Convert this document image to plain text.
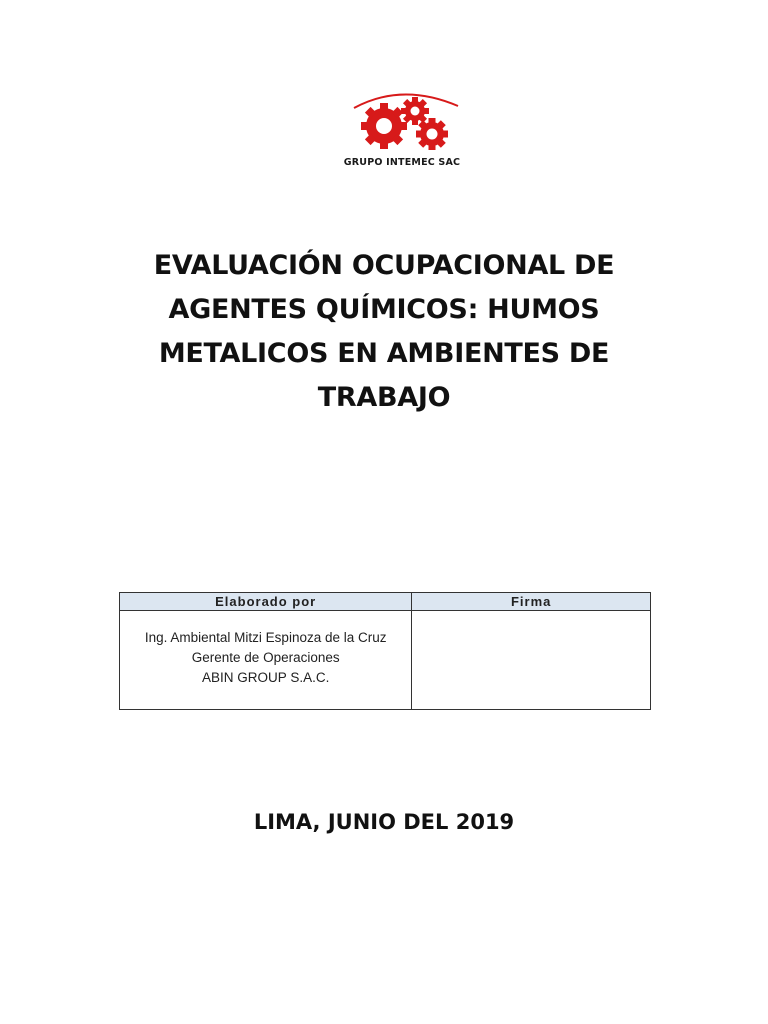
GRUPO INTEMEC SAC
EVALUACIÓN OCUPACIONAL DE
AGENTES QUÍMICOS: HUMOS
METALICOS EN AMBIENTES DE
TRABAJO
Elaborado por	Firma

Ing. Ambiental Mitzi Espinoza de la Cruz
Gerente de Operaciones
ABIN GROUP S.A.C.	

LIMA, JUNIO DEL 2019
